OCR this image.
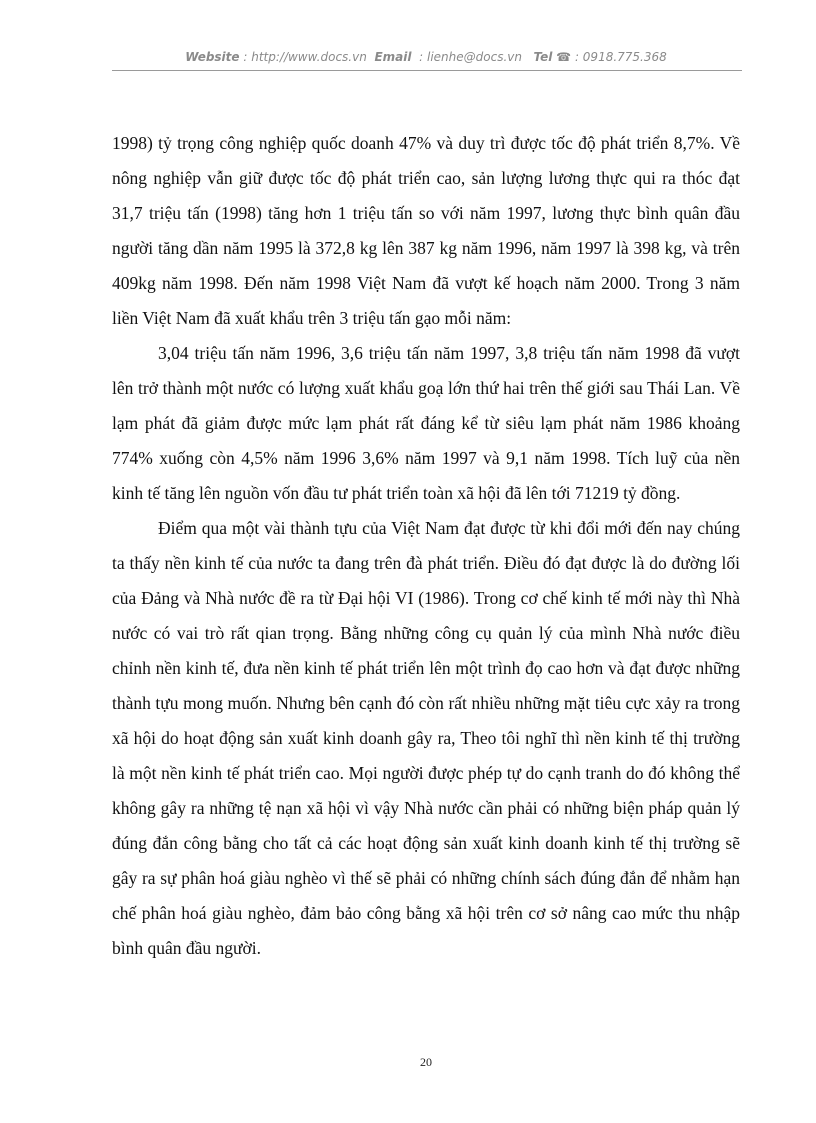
Website : http://www.docs.vn Email : lienhe@docs.vn Tel ☎ : 0918.775.368

1998) tỷ trọng công nghiệp quốc doanh 47% và duy trì được tốc độ phát triển 8,7%. Về nông nghiệp vẫn giữ được tốc độ phát triển cao, sản lượng lương thực qui ra thóc đạt 31,7 triệu tấn (1998) tăng hơn 1 triệu tấn so với năm 1997, lương thực bình quân đầu người tăng dần năm 1995 là 372,8 kg lên 387 kg năm 1996, năm 1997 là 398 kg, và trên 409kg năm 1998. Đến năm 1998 Việt Nam đã vượt kế hoạch năm 2000. Trong 3 năm liền Việt Nam đã xuất khẩu trên 3 triệu tấn gạo mỗi năm:

3,04 triệu tấn năm 1996, 3,6 triệu tấn năm 1997, 3,8 triệu tấn năm 1998 đã vượt lên trở thành một nước có lượng xuất khẩu goạ lớn thứ hai trên thế giới sau Thái Lan. Về lạm phát đã giảm được mức lạm phát rất đáng kể từ siêu lạm phát năm 1986 khoảng 774% xuống còn 4,5% năm 1996 3,6% năm 1997 và 9,1 năm 1998. Tích luỹ của nền kinh tế tăng lên nguồn vốn đầu tư phát triển toàn xã hội đã lên tới 71219 tỷ đồng.

Điểm qua một vài thành tựu của Việt Nam đạt được từ khi đổi mới đến nay chúng ta thấy nền kinh tế của nước ta đang trên đà phát triển. Điều đó đạt được là do đường lối của Đảng và Nhà nước đề ra từ Đại hội VI (1986). Trong cơ chế kinh tế mới này thì Nhà nước có vai trò rất qian trọng. Bằng những công cụ quản lý của mình Nhà nước điều chỉnh nền kinh tế, đưa nền kinh tế phát triển lên một trình đọ cao hơn và đạt được những thành tựu mong muốn. Nhưng bên cạnh đó còn rất nhiều những mặt tiêu cực xảy ra trong xã hội do hoạt động sản xuất kinh doanh gây ra, Theo tôi nghĩ thì nền kinh tế thị trường là một nền kinh tế phát triển cao. Mọi người được phép tự do cạnh tranh do đó không thể không gây ra những tệ nạn xã hội vì vậy Nhà nước cần phải có những biện pháp quản lý đúng đắn công bằng cho tất cả các hoạt động sản xuất kinh doanh kinh tế thị trường sẽ gây ra sự phân hoá giàu nghèo vì thế sẽ phải có những chính sách đúng đắn để nhằm hạn chế phân hoá giàu nghèo, đảm bảo công bằng xã hội trên cơ sở nâng cao mức thu nhập bình quân đầu người.

20
